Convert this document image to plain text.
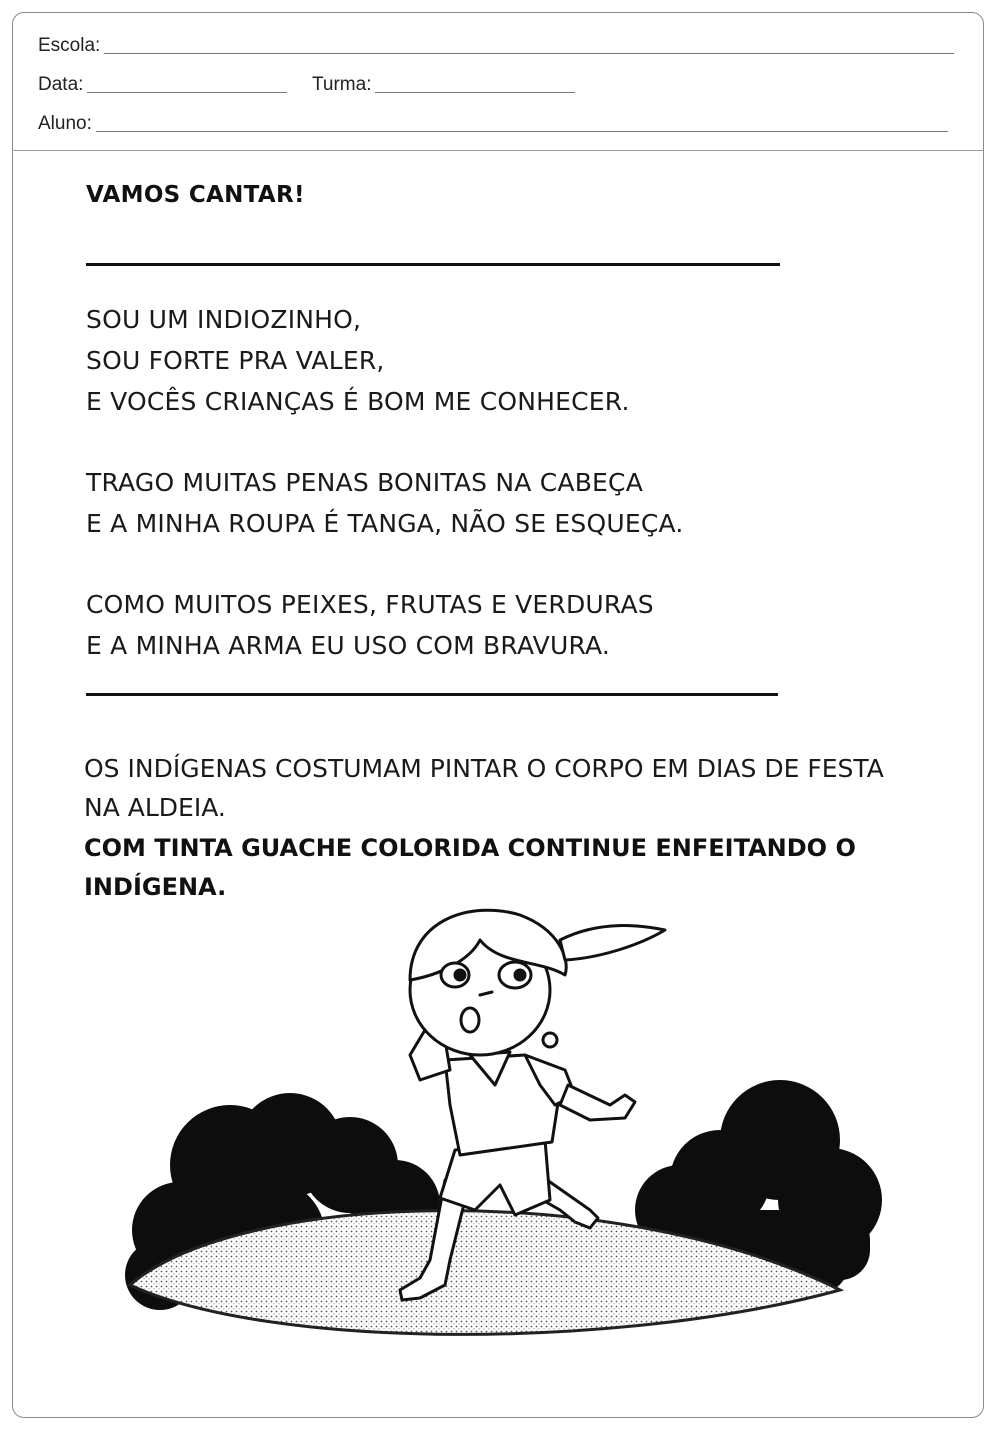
Escola:
Data:	Turma:
Aluno:
VAMOS CANTAR!
SOU UM INDIOZINHO,
SOU FORTE PRA VALER,
E VOCÊS CRIANÇAS É BOM ME CONHECER.
TRAGO MUITAS PENAS BONITAS NA CABEÇA
E A MINHA ROUPA É TANGA, NÃO SE ESQUEÇA.
COMO MUITOS PEIXES, FRUTAS E VERDURAS
E A MINHA ARMA EU USO COM BRAVURA.
OS INDÍGENAS COSTUMAM PINTAR O CORPO EM DIAS DE FESTA NA ALDEIA.
COM TINTA GUACHE COLORIDA CONTINUE ENFEITANDO O INDÍGENA.
